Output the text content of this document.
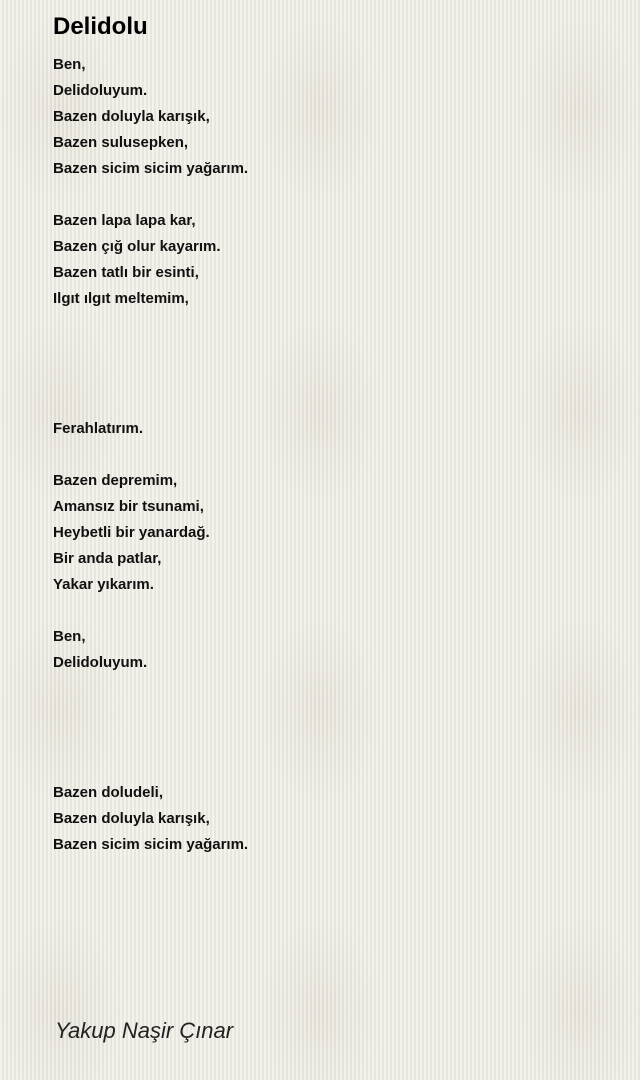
Delidolu
Ben,
Delidoluyum.
Bazen doluyla karışık,
Bazen sulusepken,
Bazen sicim sicim yağarım.
Bazen lapa lapa kar,
Bazen çığ olur kayarım.
Bazen tatlı bir esinti,
Ilgıt ılgıt meltemim,
Ferahlatırım.
Bazen depremim,
Amansız bir tsunami,
Heybetli bir yanardağ.
Bir anda patlar,
Yakar yıkarım.
Ben,
Delidoluyum.
Bazen doludeli,
Bazen doluyla karışık,
Bazen sicim sicim yağarım.
Yakup Naşir Çınar
